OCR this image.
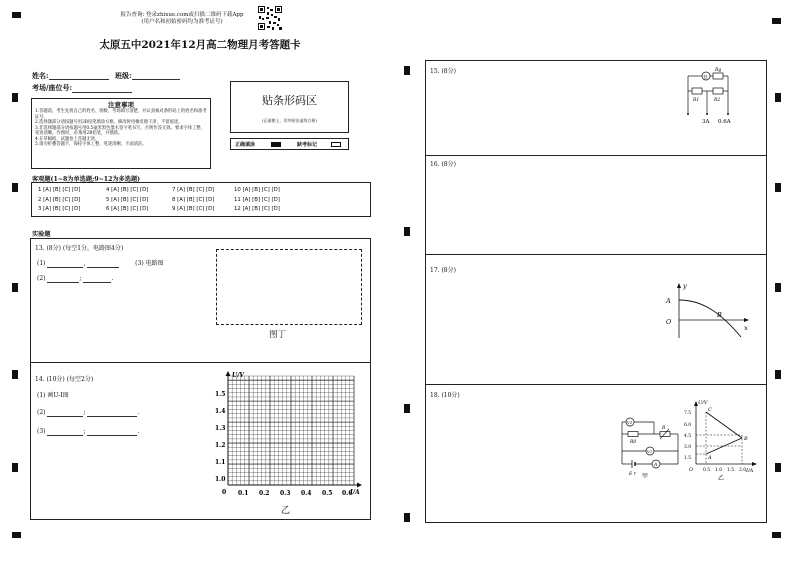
报告查询: 登录zhixue.com或扫描二维码下载App
(用户名和初始密码均为准考证号)
太原五中2021年12月高二物理月考答题卡
姓名:	班级:
考场/座位号:
注意事项
1.答题前，考生先将自己的姓名、班级、考场填写清楚，并认真核对条形码上的姓名和准考证号。
2.选择题部分请按题号用2B铅笔填涂方框，修改时用橡皮擦干净，不留痕迹。
3.非选择题部分请按题号用0.5毫米黑色墨水签字笔书写，否则作答无效。要求字体工整、笔迹清晰。作图时，必须用2B铅笔，并描浓。
4.在草稿纸、试题卷上答题无效。
5.请勿折叠答题卡，保持字体工整、笔迹清晰、卡面清洁。
贴条形码区
(正面朝上，切勿贴出虚线方框)
正确填涂	缺考标记
客观题(1~8为单选题;9~12为多选题)
1 [A] [B] [C] [D]	4 [A] [B] [C] [D]	7 [A] [B] [C] [D]	10 [A] [B] [C] [D]
2 [A] [B] [C] [D]	5 [A] [B] [C] [D]	8 [A] [B] [C] [D]	11 [A] [B] [C] [D]
3 [A] [B] [C] [D]	6 [A] [B] [C] [D]	9 [A] [B] [C] [D]	12 [A] [B] [C] [D]
实验题
13. (8分) (每空1分，电路图4分)
(1)	,	(3) 电路图
(2)	;	.
图丁
14. (10分) (每空2分)
(1) 画U-I图
(2)	;	.
(3)	;	.
乙
U/V
I/A
0
1.5
1.4
1.3
1.2
1.1
1.0
0.1 0.2 0.3 0.4 0.5 0.6
15. (8分)
16. (8分)
17. (8分)
18. (10分)
G
Rg
R1	R2
3A 0.6A
y
x
A
O
B
V1
R0
R
V2
E r
A
甲
U/V
I/A
O
7.5
6.0
4.5
3.0
1.5
0.5 1.0 1.5 2.0
C
B
A
乙
